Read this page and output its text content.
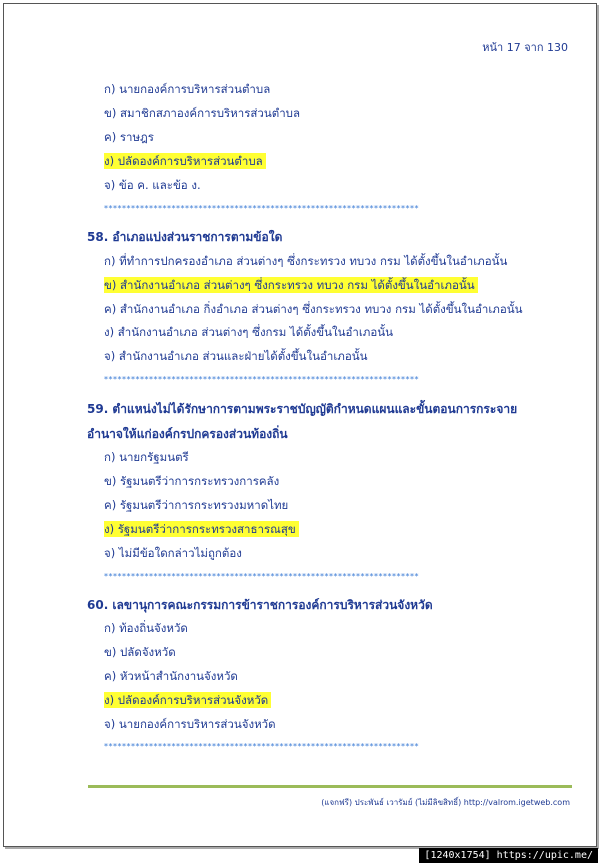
หน้า 17 จาก 130
ก) นายกองค์การบริหารส่วนตำบล
ข) สมาชิกสภาองค์การบริหารส่วนตำบล
ค) ราษฎร
ง) ปลัดองค์การบริหารส่วนตำบล
จ) ข้อ ค. และข้อ ง.
**********************************************************************
58. อำเภอแบ่งส่วนราชการตามข้อใด
ก) ที่ทำการปกครองอำเภอ ส่วนต่างๆ ซึ่งกระทรวง ทบวง กรม ได้ตั้งขึ้นในอำเภอนั้น
ข) สำนักงานอำเภอ ส่วนต่างๆ ซึ่งกระทรวง ทบวง กรม ได้ตั้งขึ้นในอำเภอนั้น
ค) สำนักงานอำเภอ กิ่งอำเภอ ส่วนต่างๆ ซึ่งกระทรวง ทบวง กรม ได้ตั้งขึ้นในอำเภอนั้น
ง) สำนักงานอำเภอ ส่วนต่างๆ ซึ่งกรม ได้ตั้งขึ้นในอำเภอนั้น
จ) สำนักงานอำเภอ ส่วนและฝ่ายได้ตั้งขึ้นในอำเภอนั้น
**********************************************************************
59. ตำแหน่งไม่ได้รักษาการตามพระราชบัญญัติกำหนดแผนและขั้นตอนการกระจาย
อำนาจให้แก่องค์กรปกครองส่วนท้องถิ่น
ก) นายกรัฐมนตรี
ข) รัฐมนตรีว่าการกระทรวงการคลัง
ค) รัฐมนตรีว่าการกระทรวงมหาดไทย
ง) รัฐมนตรีว่าการกระทรวงสาธารณสุข
จ) ไม่มีข้อใดกล่าวไม่ถูกต้อง
**********************************************************************
60. เลขานุการคณะกรรมการข้าราชการองค์การบริหารส่วนจังหวัด
ก) ท้องถิ่นจังหวัด
ข) ปลัดจังหวัด
ค) หัวหน้าสำนักงานจังหวัด
ง) ปลัดองค์การบริหารส่วนจังหวัด
จ) นายกองค์การบริหารส่วนจังหวัด
**********************************************************************
(แจกฟรี) ประพันธ์ เวารัมย์ (ไม่มีลิขสิทธิ์) http://valrom.igetweb.com
[1240x1754] https://upic.me/
